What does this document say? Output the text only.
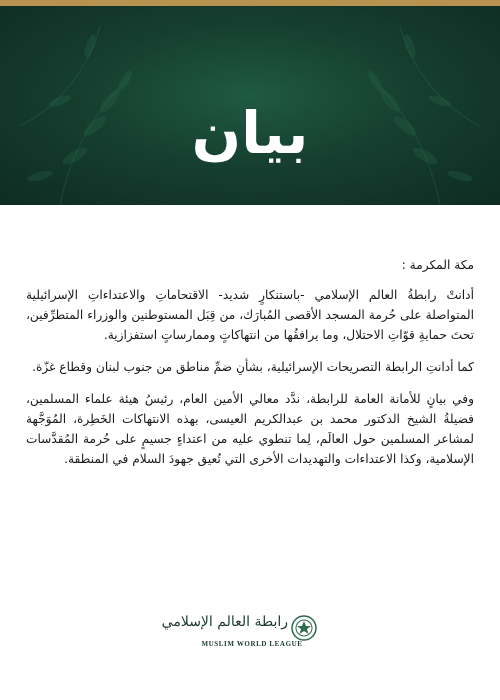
بيان

مكة المكرمة :

أدانتْ رابطةُ العالم الإسلامي -باستنكارٍ شديد- الاقتحاماتِ والاعتداءاتِ الإسرائيلية المتواصلة على حُرمة المسجد الأقصى المُبارَك، من قِبَل المستوطنين والوزراء المتطرِّفين، تحتَ حمايةِ قوّاتِ الاحتلال، وما يرافقُها من انتهاكاتٍ وممارساتٍ استفزازية.

كما أدانتِ الرابطة التصريحات الإسرائيلية، بشأنِ ضمِّ مناطق من جنوب لبنان وقطاع غزّة.

وفي بيانٍ للأمانة العامة للرابطة، ندَّد معالي الأمين العام، رئيسُ هيئة علماء المسلمين، فضيلةُ الشيخ الدكتور محمد بن عبدالكريم العيسى، بهذه الانتهاكات الخَطِرة، المُوَجَّهة لمشاعر المسلمين حول العالَم، لِما تنطوي عليه من اعتداءٍ جسيمٍ على حُرمة المُقدَّسات الإسلامية، وكذا الاعتداءات والتهديدات الأخرى التي تُعيق جهودَ السلام في المنطقة.

رابطة العالم الإسلامي
MUSLIM WORLD LEAGUE
